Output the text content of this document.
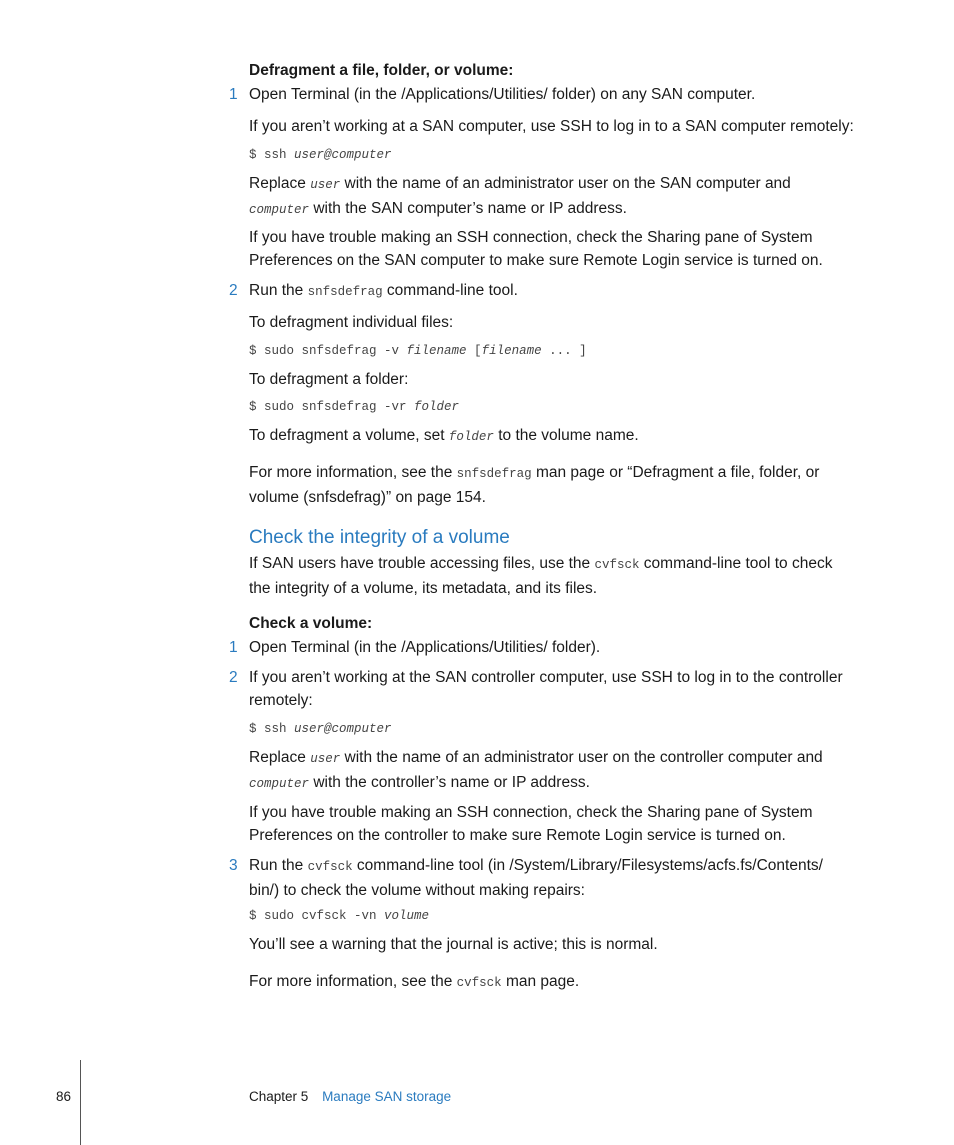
Defragment a file, folder, or volume:
1 Open Terminal (in the /Applications/Utilities/ folder) on any SAN computer.
If you aren’t working at a SAN computer, use SSH to log in to a SAN computer remotely:
$ ssh user@computer
Replace user with the name of an administrator user on the SAN computer and
computer with the SAN computer’s name or IP address.
If you have trouble making an SSH connection, check the Sharing pane of System
Preferences on the SAN computer to make sure Remote Login service is turned on.
2 Run the snfsdefrag command-line tool.
To defragment individual files:
$ sudo snfsdefrag -v filename [filename ... ]
To defragment a folder:
$ sudo snfsdefrag -vr folder
To defragment a volume, set folder to the volume name.
For more information, see the snfsdefrag man page or “Defragment a file, folder, or
volume (snfsdefrag)” on page 154.
Check the integrity of a volume
If SAN users have trouble accessing files, use the cvfsck command-line tool to check
the integrity of a volume, its metadata, and its files.
Check a volume:
1 Open Terminal (in the /Applications/Utilities/ folder).
2 If you aren’t working at the SAN controller computer, use SSH to log in to the controller
remotely:
$ ssh user@computer
Replace user with the name of an administrator user on the controller computer and
computer with the controller’s name or IP address.
If you have trouble making an SSH connection, check the Sharing pane of System
Preferences on the controller to make sure Remote Login service is turned on.
3 Run the cvfsck command-line tool (in /System/Library/Filesystems/acfs.fs/Contents/
bin/) to check the volume without making repairs:
$ sudo cvfsck -vn volume
You’ll see a warning that the journal is active; this is normal.
For more information, see the cvfsck man page.
86	Chapter 5 Manage SAN storage
